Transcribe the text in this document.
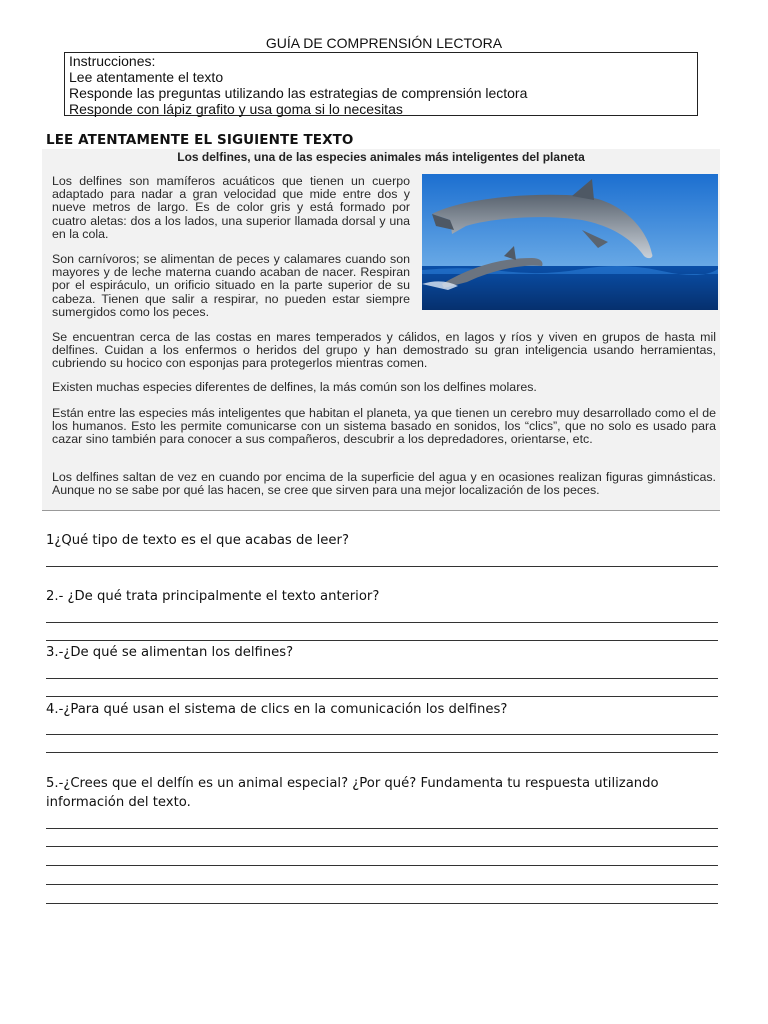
GUÍA DE COMPRENSIÓN LECTORA
Instrucciones:
Lee atentamente el texto
Responde las preguntas utilizando las estrategias de comprensión lectora
Responde con lápiz grafito y usa goma si lo necesitas
LEE ATENTAMENTE EL SIGUIENTE TEXTO
Los delfines, una de las especies animales más inteligentes del planeta
Los delfines son mamíferos acuáticos que tienen un cuerpo adaptado para nadar a gran velocidad que mide entre dos y nueve metros de largo. Es de color gris y está formado por cuatro aletas: dos a los lados, una superior llamada dorsal y una en la cola.
Son carnívoros; se alimentan de peces y calamares cuando son mayores y de leche materna cuando acaban de nacer. Respiran por el espiráculo, un orificio situado en la parte superior de su cabeza. Tienen que salir a respirar, no pueden estar siempre sumergidos como los peces.
Se encuentran cerca de las costas en mares temperados y cálidos, en lagos y ríos y viven en grupos de hasta mil delfines. Cuidan a los enfermos o heridos del grupo y han demostrado su gran inteligencia usando herramientas, cubriendo su hocico con esponjas para protegerlos mientras comen.
Existen muchas especies diferentes de delfines, la más común son los delfines molares.
Están entre las especies más inteligentes que habitan el planeta, ya que tienen un cerebro muy desarrollado como el de los humanos. Esto les permite comunicarse con un sistema basado en sonidos, los “clics”, que no solo es usado para cazar sino también para conocer a sus compañeros, descubrir a los depredadores, orientarse, etc.
Los delfines saltan de vez en cuando por encima de la superficie del agua y en ocasiones realizan figuras gimnásticas. Aunque no se sabe por qué las hacen, se cree que sirven para una mejor localización de los peces.
1¿Qué tipo de texto es el que acabas de leer?
2.- ¿De qué trata principalmente el texto anterior?
3.-¿De qué se alimentan los delfines?
4.-¿Para qué usan el sistema de clics en la comunicación los delfines?
5.-¿Crees que el delfín es un animal especial? ¿Por qué? Fundamenta tu respuesta utilizando
información del texto.
